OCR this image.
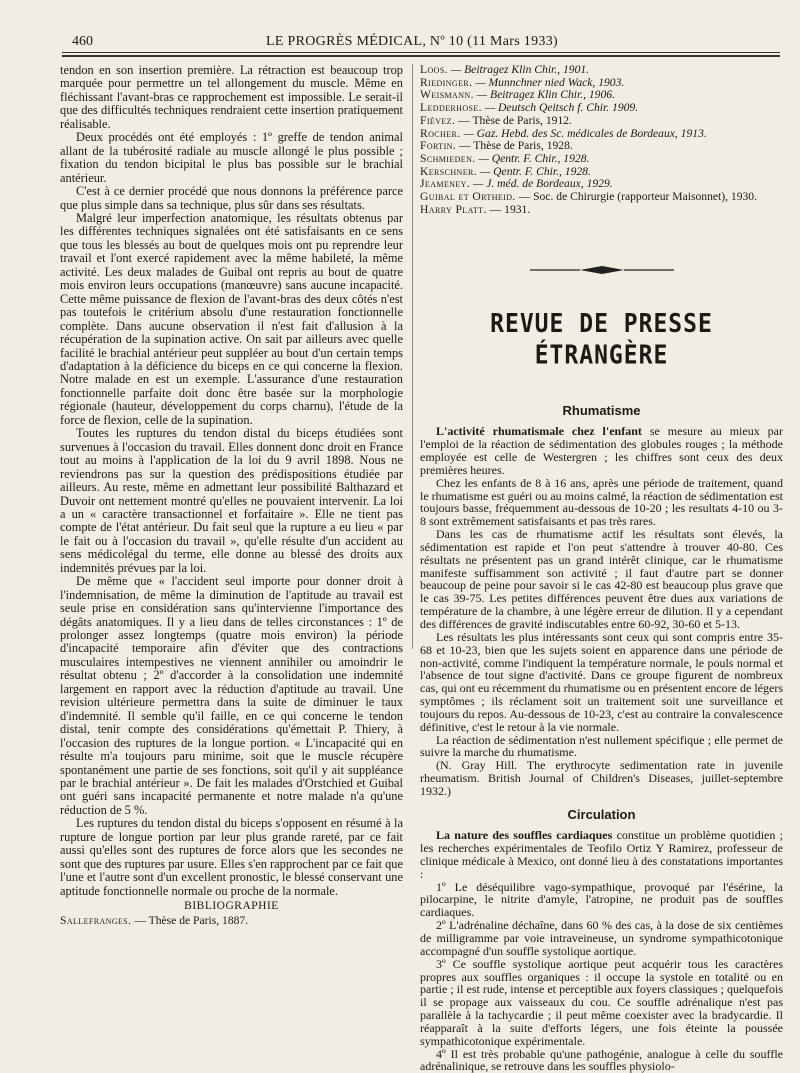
460	LE PROGRÈS MÉDICAL, Nº 10 (11 Mars 1933)

tendon en son insertion première. La rétraction est beaucoup trop marquée pour permettre un tel allongement du muscle. Même en fléchissant l'avant-bras ce rapprochement est impossible. Le serait-il que des difficultés techniques rendraient cette insertion pratiquement réalisable.

Deux procédés ont été employés : 1º greffe de tendon animal allant de la tubérosité radiale au muscle allongé le plus possible ; fixation du tendon bicipital le plus bas possible sur le brachial antérieur.

C'est à ce dernier procédé que nous donnons la préférence parce que plus simple dans sa technique, plus sûr dans ses résultats.

Malgré leur imperfection anatomique, les résultats obtenus par les différentes techniques signalées ont été satisfaisants en ce sens que tous les blessés au bout de quelques mois ont pu reprendre leur travail et l'ont exercé rapidement avec la même habileté, la même activité. Les deux malades de Guibal ont repris au bout de quatre mois environ leurs occupations (manœuvre) sans aucune incapacité. Cette même puissance de flexion de l'avant-bras des deux côtés n'est pas toutefois le critérium absolu d'une restauration fonctionnelle complète. Dans aucune observation il n'est fait d'allusion à la récupération de la supination active. On sait par ailleurs avec quelle facilité le brachial antérieur peut suppléer au bout d'un certain temps d'adaptation à la déficience du biceps en ce qui concerne la flexion. Notre malade en est un exemple. L'assurance d'une restauration fonctionnelle parfaite doit donc être basée sur la morphologie régionale (hauteur, développement du corps charnu), l'étude de la force de flexion, celle de la supination.

Toutes les ruptures du tendon distal du biceps étudiées sont survenues à l'occasion du travail. Elles donnent donc droit en France tout au moins à l'application de la loi du 9 avril 1898. Nous ne reviendrons pas sur la question des prédispositions étudiée par ailleurs. Au reste, même en admettant leur possibilité Balthazard et Duvoir ont nettement montré qu'elles ne pouvaient intervenir. La loi a un « caractère transactionnel et forfaitaire ». Elle ne tient pas compte de l'état antérieur. Du fait seul que la rupture a eu lieu « par le fait ou à l'occasion du travail », qu'elle résulte d'un accident au sens médicolégal du terme, elle donne au blessé des droits aux indemnités prévues par la loi.

De même que « l'accident seul importe pour donner droit à l'indemnisation, de même la diminution de l'aptitude au travail est seule prise en considération sans qu'intervienne l'importance des dégâts anatomiques. Il y a lieu dans de telles circonstances : 1º de prolonger assez longtemps (quatre mois environ) la période d'incapacité temporaire afin d'éviter que des contractions musculaires intempestives ne viennent annihiler ou amoindrir le résultat obtenu ; 2º d'accorder à la consolidation une indemnité largement en rapport avec la réduction d'aptitude au travail. Une revision ultérieure permettra dans la suite de diminuer le taux d'indemnité. Il semble qu'il faille, en ce qui concerne le tendon distal, tenir compte des considérations qu'émettait P. Thiery, à l'occasion des ruptures de la longue portion. « L'incapacité qui en résulte m'a toujours paru minime, soit que le muscle récupère spontanément une partie de ses fonctions, soit qu'il y ait suppléance par le brachial antérieur ». De fait les malades d'Orstchied et Guibal ont guéri sans incapacité permanente et notre malade n'a qu'une réduction de 5 %.

Les ruptures du tendon distal du biceps s'opposent en résumé à la rupture de longue portion par leur plus grande rareté, par ce fait aussi qu'elles sont des ruptures de force alors que les secondes ne sont que des ruptures par usure. Elles s'en rapprochent par ce fait que l'une et l'autre sont d'un excellent pronostic, le blessé conservant une aptitude fonctionnelle normale ou proche de la normale.

BIBLIOGRAPHIE

Sallefranges. — Thèse de Paris, 1887.

Loos. — Beitragez Klin Chir., 1901.

Riedinger. — Munnchner nied Wack, 1903.

Weismann. — Beitragez Klin Chir., 1906.

Ledderhose. — Deutsch Qeitsch f. Chir. 1909.

Fièvez. — Thèse de Paris, 1912.

Rocher. — Gaz. Hebd. des Sc. médicales de Bordeaux, 1913.

Fortin. — Thèse de Paris, 1928.

Schmieden. — Qentr. F. Chir., 1928.

Kerschner. — Qentr. F. Chir., 1928.

Jeameney. — J. méd. de Bordeaux, 1929.

Guibal et Ortheid. — Soc. de Chirurgie (rapporteur Maisonnet), 1930.

Harry Platt. — 1931.

REVUE DE PRESSE ÉTRANGÈRE
Rhumatisme

L'activité rhumatismale chez l'enfant se mesure au mieux par l'emploi de la réaction de sédimentation des globules rouges ; la méthode employée est celle de Westergren ; les chiffres sont ceux des deux premières heures.

Chez les enfants de 8 à 16 ans, après une période de traitement, quand le rhumatisme est guéri ou au moins calmé, la réaction de sédimentation est toujours basse, fréquemment au-dessous de 10-20 ; les resultats 4-10 ou 3-8 sont extrêmement satisfaisants et pas très rares.

Dans les cas de rhumatisme actif les résultats sont élevés, la sédimentation est rapide et l'on peut s'attendre à trouver 40-80. Ces résultats ne présentent pas un grand intérêt clinique, car le rhumatisme manifeste suffisamment son activité ; il faut d'autre part se donner beaucoup de peine pour savoir si le cas 42-80 est beaucoup plus grave que le cas 39-75. Les petites différences peuvent être dues aux variations de température de la chambre, à une légère erreur de dilution. Il y a cependant des différences de gravité indiscutables entre 60-92, 30-60 et 5-13.

Les résultats les plus intéressants sont ceux qui sont compris entre 35-68 et 10-23, bien que les sujets soient en apparence dans une période de non-activité, comme l'indiquent la température normale, le pouls normal et l'absence de tout signe d'activité. Dans ce groupe figurent de nombreux cas, qui ont eu récemment du rhumatisme ou en présentent encore de légers symptômes ; ils réclament soit un traitement soit une surveillance et toujours du repos. Au-dessous de 10-23, c'est au contraire la convalescence définitive, c'est le retour à la vie normale.

La réaction de sédimentation n'est nullement spécifique ; elle permet de suivre la marche du rhumatisme.

(N. Gray Hill. The erythrocyte sedimentation rate in juvenile rheumatism. British Journal of Children's Diseases, juillet-septembre 1932.)

Circulation

La nature des souffles cardiaques constitue un problème quotidien ; les recherches expérimentales de Teofilo Ortiz Y Ramirez, professeur de clinique médicale à Mexico, ont donné lieu à des constatations importantes :

1º Le déséquilibre vago-sympathique, provoqué par l'ésérine, la pilocarpine, le nitrite d'amyle, l'atropine, ne produit pas de souffles cardiaques.

2º L'adrénaline déchaîne, dans 60 % des cas, à la dose de six centièmes de milligramme par voie intraveineuse, un syndrome sympathicotonique accompagné d'un souffle systolique aortique.

3º Ce souffle systolique aortique peut acquérir tous les caractères propres aux souffles organiques : il occupe la systole en totalité ou en partie ; il est rude, intense et perceptible aux foyers classiques ; quelquefois il se propage aux vaisseaux du cou. Ce souffle adrénalique n'est pas parallèle à la tachycardie ; il peut même coexister avec la bradycardie. Il réapparaît à la suite d'efforts légers, une fois éteinte la poussée sympathicotonique expérimentale.

4º Il est très probable qu'une pathogénie, analogue à celle du souffle adrénalinique, se retrouve dans les souffles physiolo-
